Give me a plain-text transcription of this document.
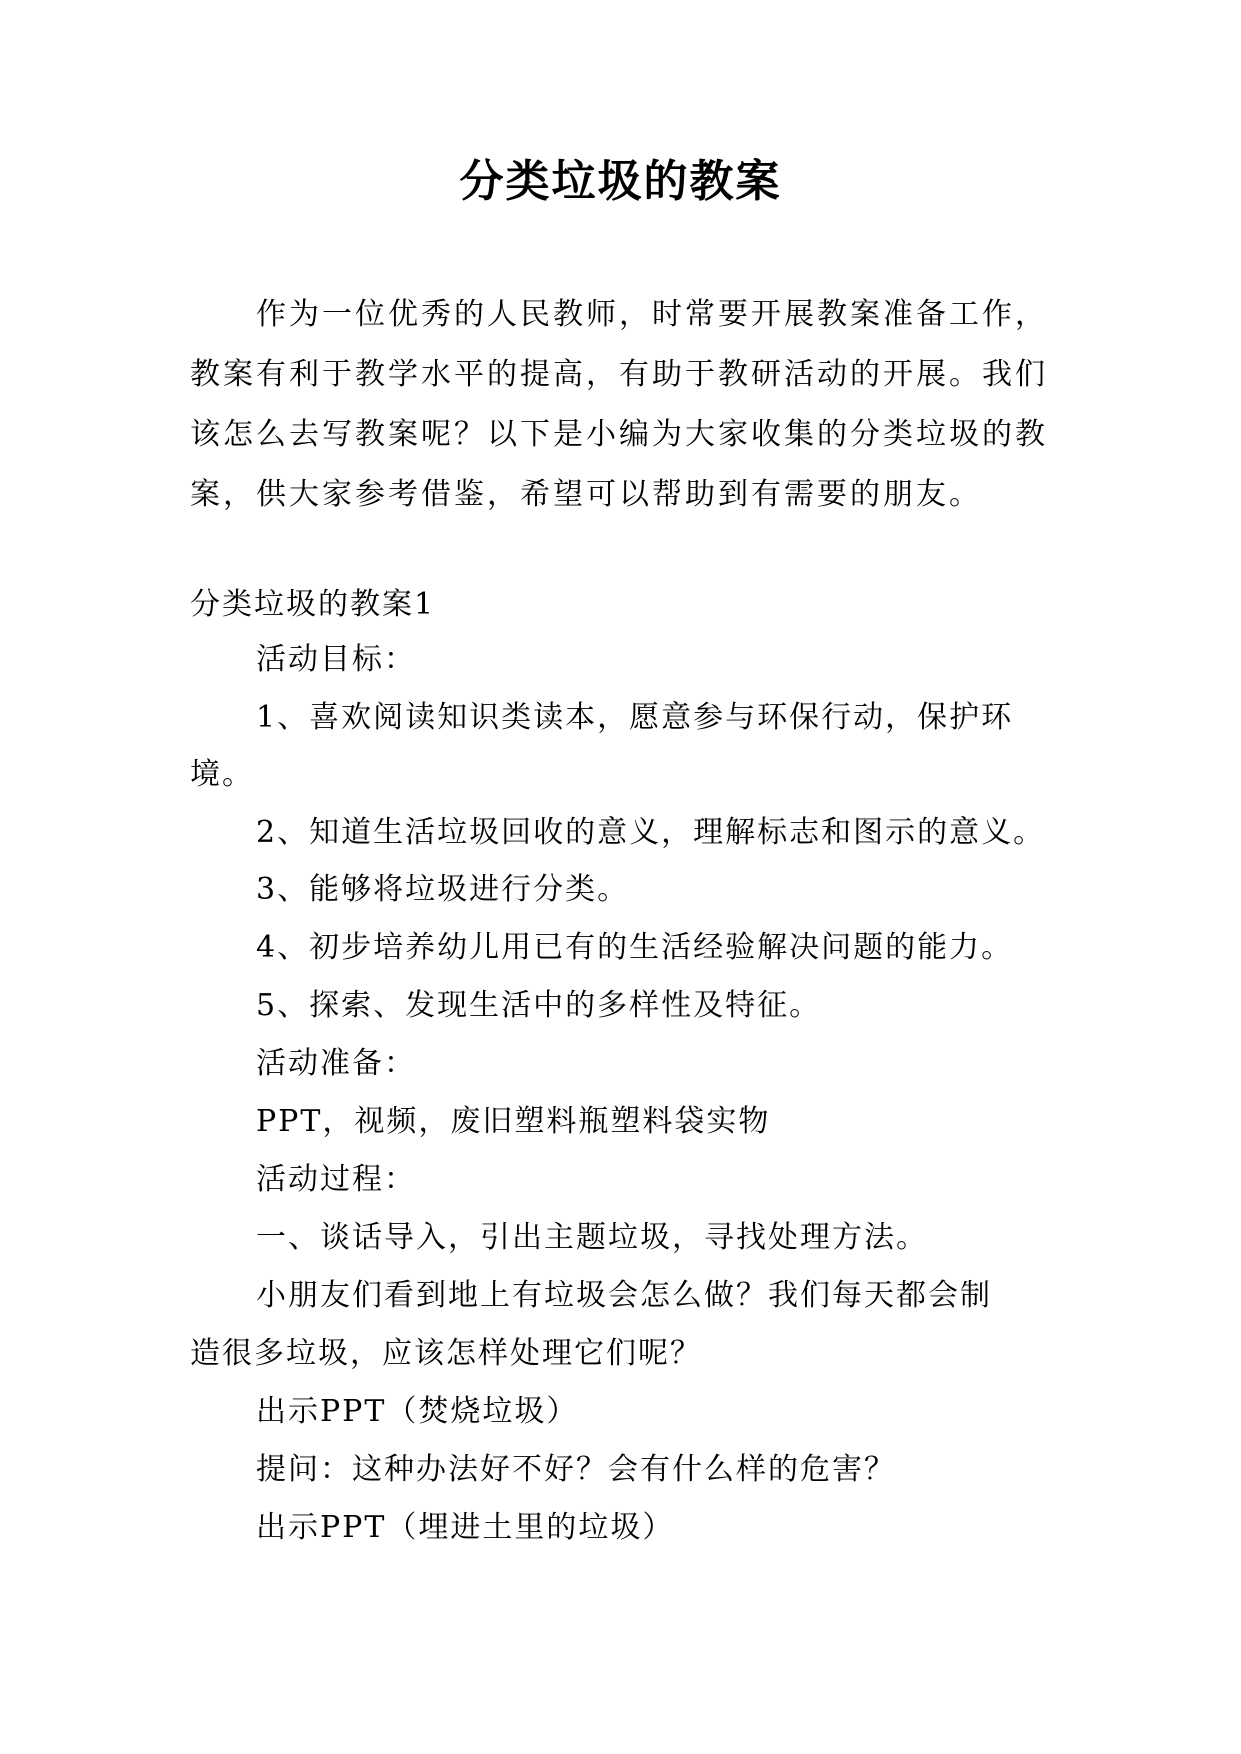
分类垃圾的教案

作为一位优秀的人民教师，时常要开展教案准备工作，教案有利于教学水平的提高，有助于教研活动的开展。我们该怎么去写教案呢？以下是小编为大家收集的分类垃圾的教案，供大家参考借鉴，希望可以帮助到有需要的朋友。

分类垃圾的教案1
活动目标：
1、喜欢阅读知识类读本，愿意参与环保行动，保护环
境。
2、知道生活垃圾回收的意义，理解标志和图示的意义。
3、能够将垃圾进行分类。
4、初步培养幼儿用已有的生活经验解决问题的能力。
5、探索、发现生活中的多样性及特征。
活动准备：
PPT，视频，废旧塑料瓶塑料袋实物
活动过程：
一、谈话导入，引出主题垃圾，寻找处理方法。
小朋友们看到地上有垃圾会怎么做？我们每天都会制
造很多垃圾，应该怎样处理它们呢？
出示PPT（焚烧垃圾）
提问：这种办法好不好？会有什么样的危害？
出示PPT（埋进土里的垃圾）
